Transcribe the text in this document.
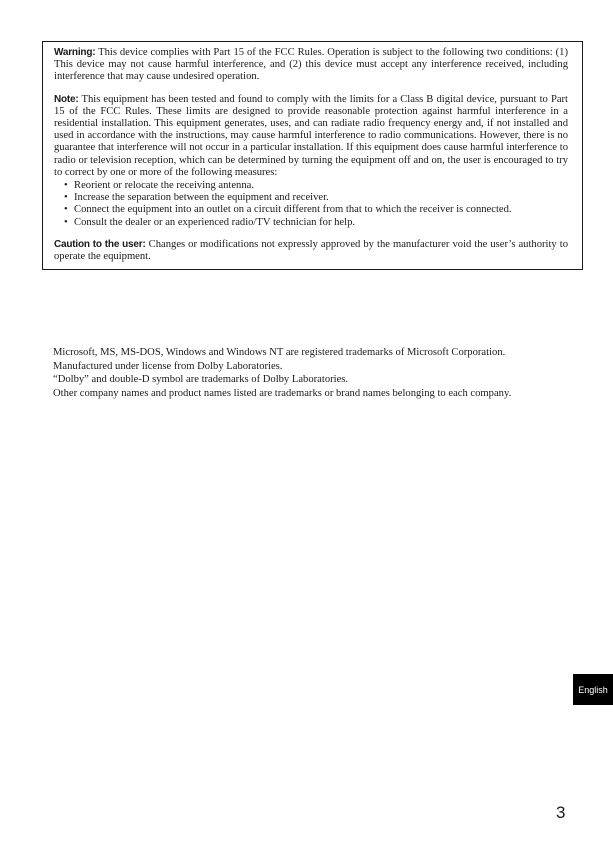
Warning: This device complies with Part 15 of the FCC Rules. Operation is subject to the following two conditions: (1) This device may not cause harmful interference, and (2) this device must accept any interference received, including interference that may cause undesired operation.

Note: This equipment has been tested and found to comply with the limits for a Class B digital device, pursuant to Part 15 of the FCC Rules. These limits are designed to provide reasonable protection against harmful interference in a residential installation. This equipment generates, uses, and can radiate radio frequency energy and, if not installed and used in accordance with the instructions, may cause harmful interference to radio communications. However, there is no guarantee that interference will not occur in a particular installation. If this equipment does cause harmful interference to radio or television reception, which can be determined by turning the equipment off and on, the user is encouraged to try to correct by one or more of the following measures:

• Reorient or relocate the receiving antenna.
• Increase the separation between the equipment and receiver.
• Connect the equipment into an outlet on a circuit different from that to which the receiver is connected.
• Consult the dealer or an experienced radio/TV technician for help.

Caution to the user: Changes or modifications not expressly approved by the manufacturer void the user’s authority to operate the equipment.

Microsoft, MS, MS-DOS, Windows and Windows NT are registered trademarks of Microsoft Corporation.

Manufactured under license from Dolby Laboratories.

“Dolby” and double-D symbol are trademarks of Dolby Laboratories.

Other company names and product names listed are trademarks or brand names belonging to each company.

English
3
